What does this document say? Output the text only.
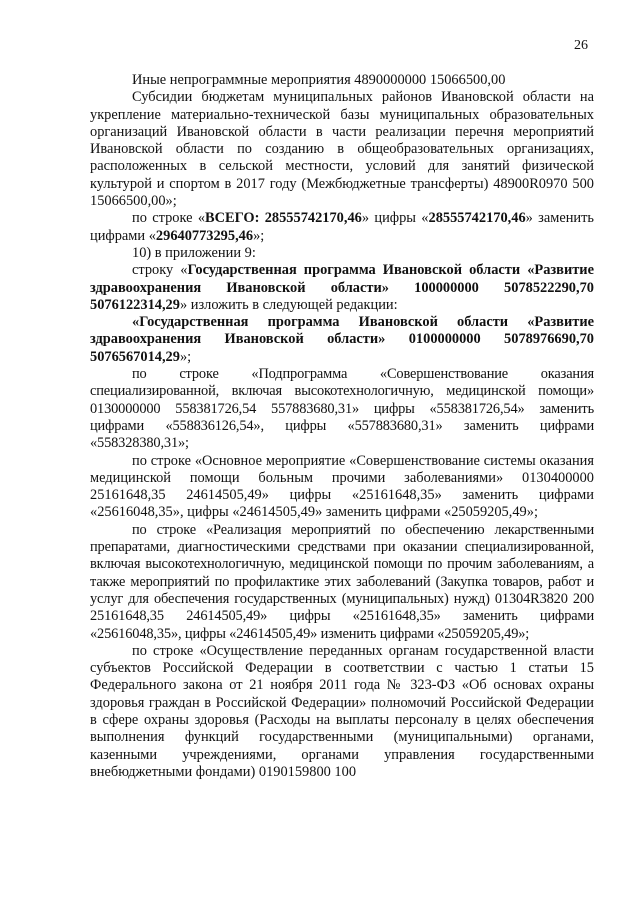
26

Иные непрограммные мероприятия 4890000000 15066500,00

Субсидии бюджетам муниципальных районов Ивановской области на укрепление материально-технической базы муниципальных образовательных организаций Ивановской области в части реализации перечня мероприятий Ивановской области по созданию в общеобразовательных организациях, расположенных в сельской местности, условий для занятий физической культурой и спортом в 2017 году (Межбюджетные трансферты) 48900R0970 500 15066500,00»;

по строке «ВСЕГО: 28555742170,46» цифры «28555742170,46» заменить цифрами «29640773295,46»;

10) в приложении 9:

строку «Государственная программа Ивановской области «Развитие здравоохранения Ивановской области» 100000000 5078522290,70 5076122314,29» изложить в следующей редакции:

«Государственная программа Ивановской области «Развитие здравоохранения Ивановской области» 0100000000 5078976690,70 5076567014,29»;

по строке «Подпрограмма «Совершенствование оказания специализированной, включая высокотехнологичную, медицинской помощи» 0130000000 558381726,54 557883680,31» цифры «558381726,54» заменить цифрами «558836126,54», цифры «557883680,31» заменить цифрами «558328380,31»;

по строке «Основное мероприятие «Совершенствование системы оказания медицинской помощи больным прочими заболеваниями» 0130400000 25161648,35 24614505,49» цифры «25161648,35» заменить цифрами «25616048,35», цифры «24614505,49» заменить цифрами «25059205,49»;

по строке «Реализация мероприятий по обеспечению лекарственными препаратами, диагностическими средствами при оказании специализированной, включая высокотехнологичную, медицинской помощи по прочим заболеваниям, а также мероприятий по профилактике этих заболеваний (Закупка товаров, работ и услуг для обеспечения государственных (муниципальных) нужд) 01304R3820 200 25161648,35 24614505,49» цифры «25161648,35» заменить цифрами «25616048,35», цифры «24614505,49» изменить цифрами «25059205,49»;

по строке «Осуществление переданных органам государственной власти субъектов Российской Федерации в соответствии с частью 1 статьи 15 Федерального закона от 21 ноября 2011 года № 323-ФЗ «Об основах охраны здоровья граждан в Российской Федерации» полномочий Российской Федерации в сфере охраны здоровья (Расходы на выплаты персоналу в целях обеспечения выполнения функций государственными (муниципальными) органами, казенными учреждениями, органами управления государственными внебюджетными фондами) 0190159800 100
